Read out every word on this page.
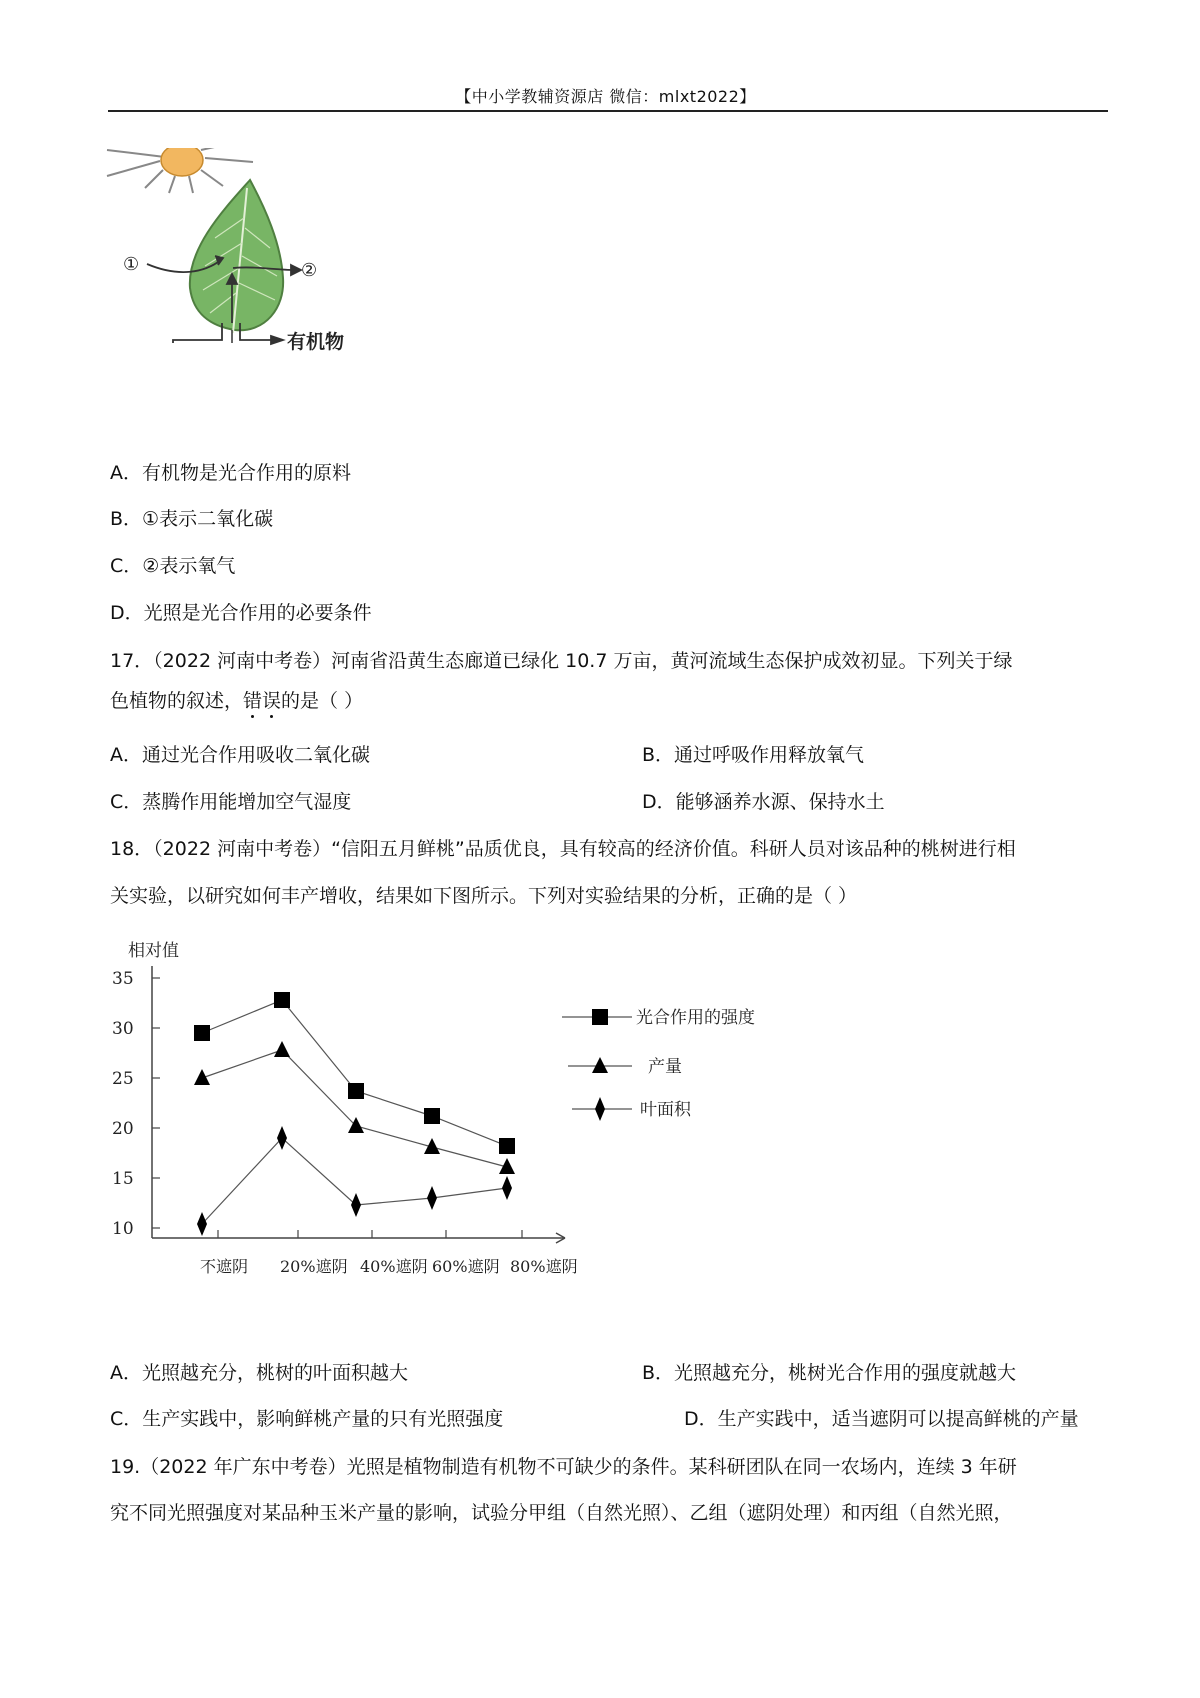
【中小学教辅资源店 微信：mlxt2022】
①	②
有机物
A．有机物是光合作用的原料
B．①表示二氧化碳
C．②表示氧气
D．光照是光合作用的必要条件
17．（2022 河南中考卷）河南省沿黄生态廊道已绿化 10.7 万亩，黄河流域生态保护成效初显。下列关于绿
色植物的叙述，错误的是（ ）
A．通过光合作用吸收二氧化碳	B．通过呼吸作用释放氧气
C．蒸腾作用能增加空气湿度	D．能够涵养水源、保持水土
18．（2022 河南中考卷）“信阳五月鲜桃”品质优良，具有较高的经济价值。科研人员对该品种的桃树进行相
关实验，以研究如何丰产增收，结果如下图所示。下列对实验结果的分析，正确的是（ ）
相对值
10
15
20
25
30
35
不遮阴 20%遮阴 40%遮阴 60%遮阴 80%遮阴
光合作用的强度
产量
叶面积
A．光照越充分，桃树的叶面积越大	B．光照越充分，桃树光合作用的强度就越大
C．生产实践中，影响鲜桃产量的只有光照强度	D．生产实践中，适当遮阴可以提高鲜桃的产量
19.（2022 年广东中考卷）光照是植物制造有机物不可缺少的条件。某科研团队在同一农场内，连续 3 年研
究不同光照强度对某品种玉米产量的影响，试验分甲组（自然光照）、乙组（遮阴处理）和丙组（自然光照，
